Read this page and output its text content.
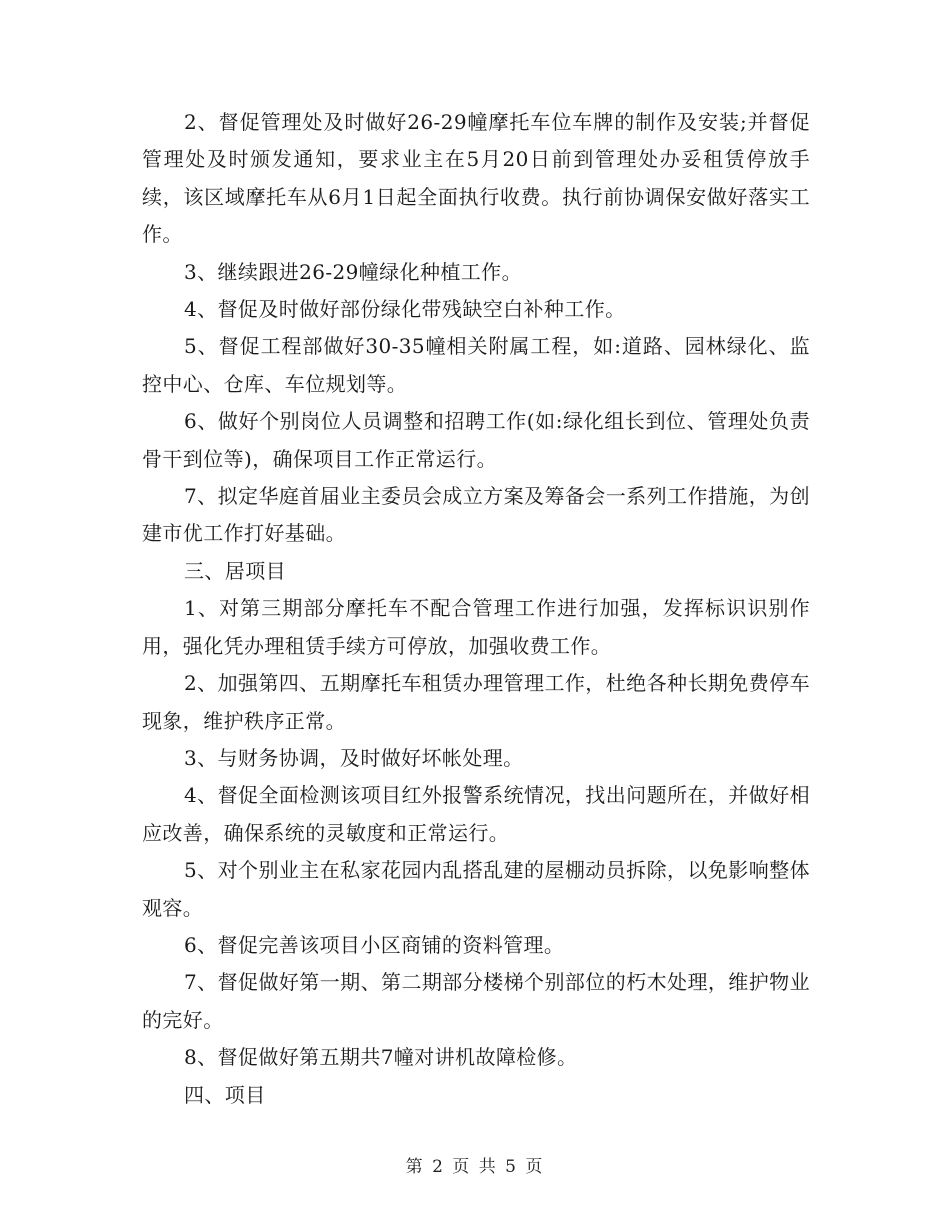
2、督促管理处及时做好26-29幢摩托车位车牌的制作及安装;并督促管理处及时颁发通知，要求业主在5月20日前到管理处办妥租赁停放手续，该区域摩托车从6月1日起全面执行收费。执行前协调保安做好落实工作。

3、继续跟进26-29幢绿化种植工作。

4、督促及时做好部份绿化带残缺空白补种工作。

5、督促工程部做好30-35幢相关附属工程，如:道路、园林绿化、监控中心、仓库、车位规划等。

6、做好个别岗位人员调整和招聘工作(如:绿化组长到位、管理处负责骨干到位等)，确保项目工作正常运行。

7、拟定华庭首届业主委员会成立方案及筹备会一系列工作措施，为创建市优工作打好基础。

三、居项目

1、对第三期部分摩托车不配合管理工作进行加强，发挥标识识别作用，强化凭办理租赁手续方可停放，加强收费工作。

2、加强第四、五期摩托车租赁办理管理工作，杜绝各种长期免费停车现象，维护秩序正常。

3、与财务协调，及时做好坏帐处理。

4、督促全面检测该项目红外报警系统情况，找出问题所在，并做好相应改善，确保系统的灵敏度和正常运行。

5、对个别业主在私家花园内乱搭乱建的屋棚动员拆除，以免影响整体观容。

6、督促完善该项目小区商铺的资料管理。

7、督促做好第一期、第二期部分楼梯个别部位的朽木处理，维护物业的完好。

8、督促做好第五期共7幢对讲机故障检修。

四、项目

第 2 页 共 5 页
